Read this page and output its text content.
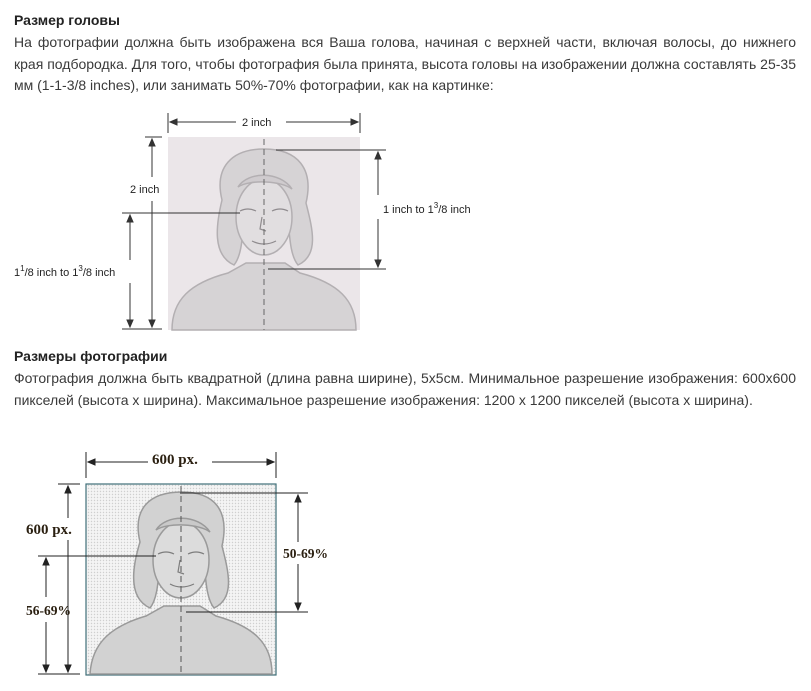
Размер головы

На фотографии должна быть изображена вся Ваша голова, начиная с верхней части, включая волосы, до нижнего края подбородка. Для того, чтобы фотография была принята, высота головы на изображении должна составлять 25-35 мм (1-1-3/8 inches), или занимать 50%-70% фотографии, как на картинке:

2 inch
2 inch
$1^1/8$ inch to $1^3/8$ inch
1 inch to $1^3/8$ inch
Размеры фотографии

Фотография должна быть квадратной (длина равна ширине), 5х5см. Минимальное разрешение изображения: 600х600 пикселей (высота х ширина). Максимальное разрешение изображения: 1200 х 1200 пикселей (высота х ширина).

600 px.
600 px.
56-69%
50-69%
